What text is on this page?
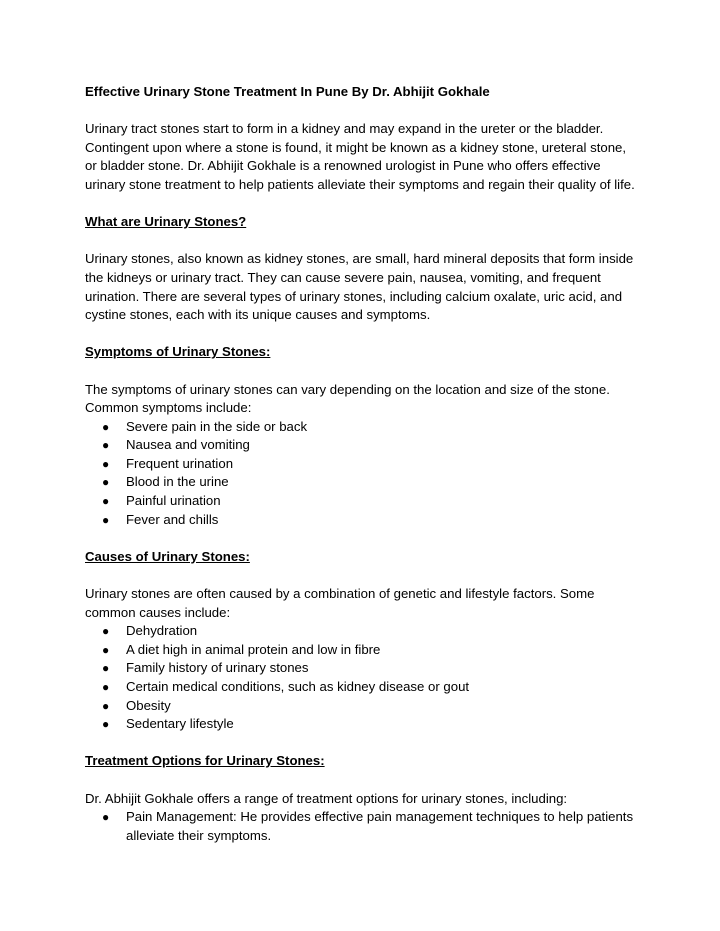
Effective Urinary Stone Treatment In Pune By Dr. Abhijit Gokhale
Urinary tract stones start to form in a kidney and may expand in the ureter or the bladder. Contingent upon where a stone is found, it might be known as a kidney stone, ureteral stone, or bladder stone. Dr. Abhijit Gokhale is a renowned urologist in Pune who offers effective urinary stone treatment to help patients alleviate their symptoms and regain their quality of life.
What are Urinary Stones?
Urinary stones, also known as kidney stones, are small, hard mineral deposits that form inside the kidneys or urinary tract. They can cause severe pain, nausea, vomiting, and frequent urination. There are several types of urinary stones, including calcium oxalate, uric acid, and cystine stones, each with its unique causes and symptoms.
Symptoms of Urinary Stones:
The symptoms of urinary stones can vary depending on the location and size of the stone. Common symptoms include:
● Severe pain in the side or back
● Nausea and vomiting
● Frequent urination
● Blood in the urine
● Painful urination
● Fever and chills
Causes of Urinary Stones:
Urinary stones are often caused by a combination of genetic and lifestyle factors. Some common causes include:
● Dehydration
● A diet high in animal protein and low in fibre
● Family history of urinary stones
● Certain medical conditions, such as kidney disease or gout
● Obesity
● Sedentary lifestyle
Treatment Options for Urinary Stones:
Dr. Abhijit Gokhale offers a range of treatment options for urinary stones, including:
● Pain Management: He provides effective pain management techniques to help patients alleviate their symptoms.
